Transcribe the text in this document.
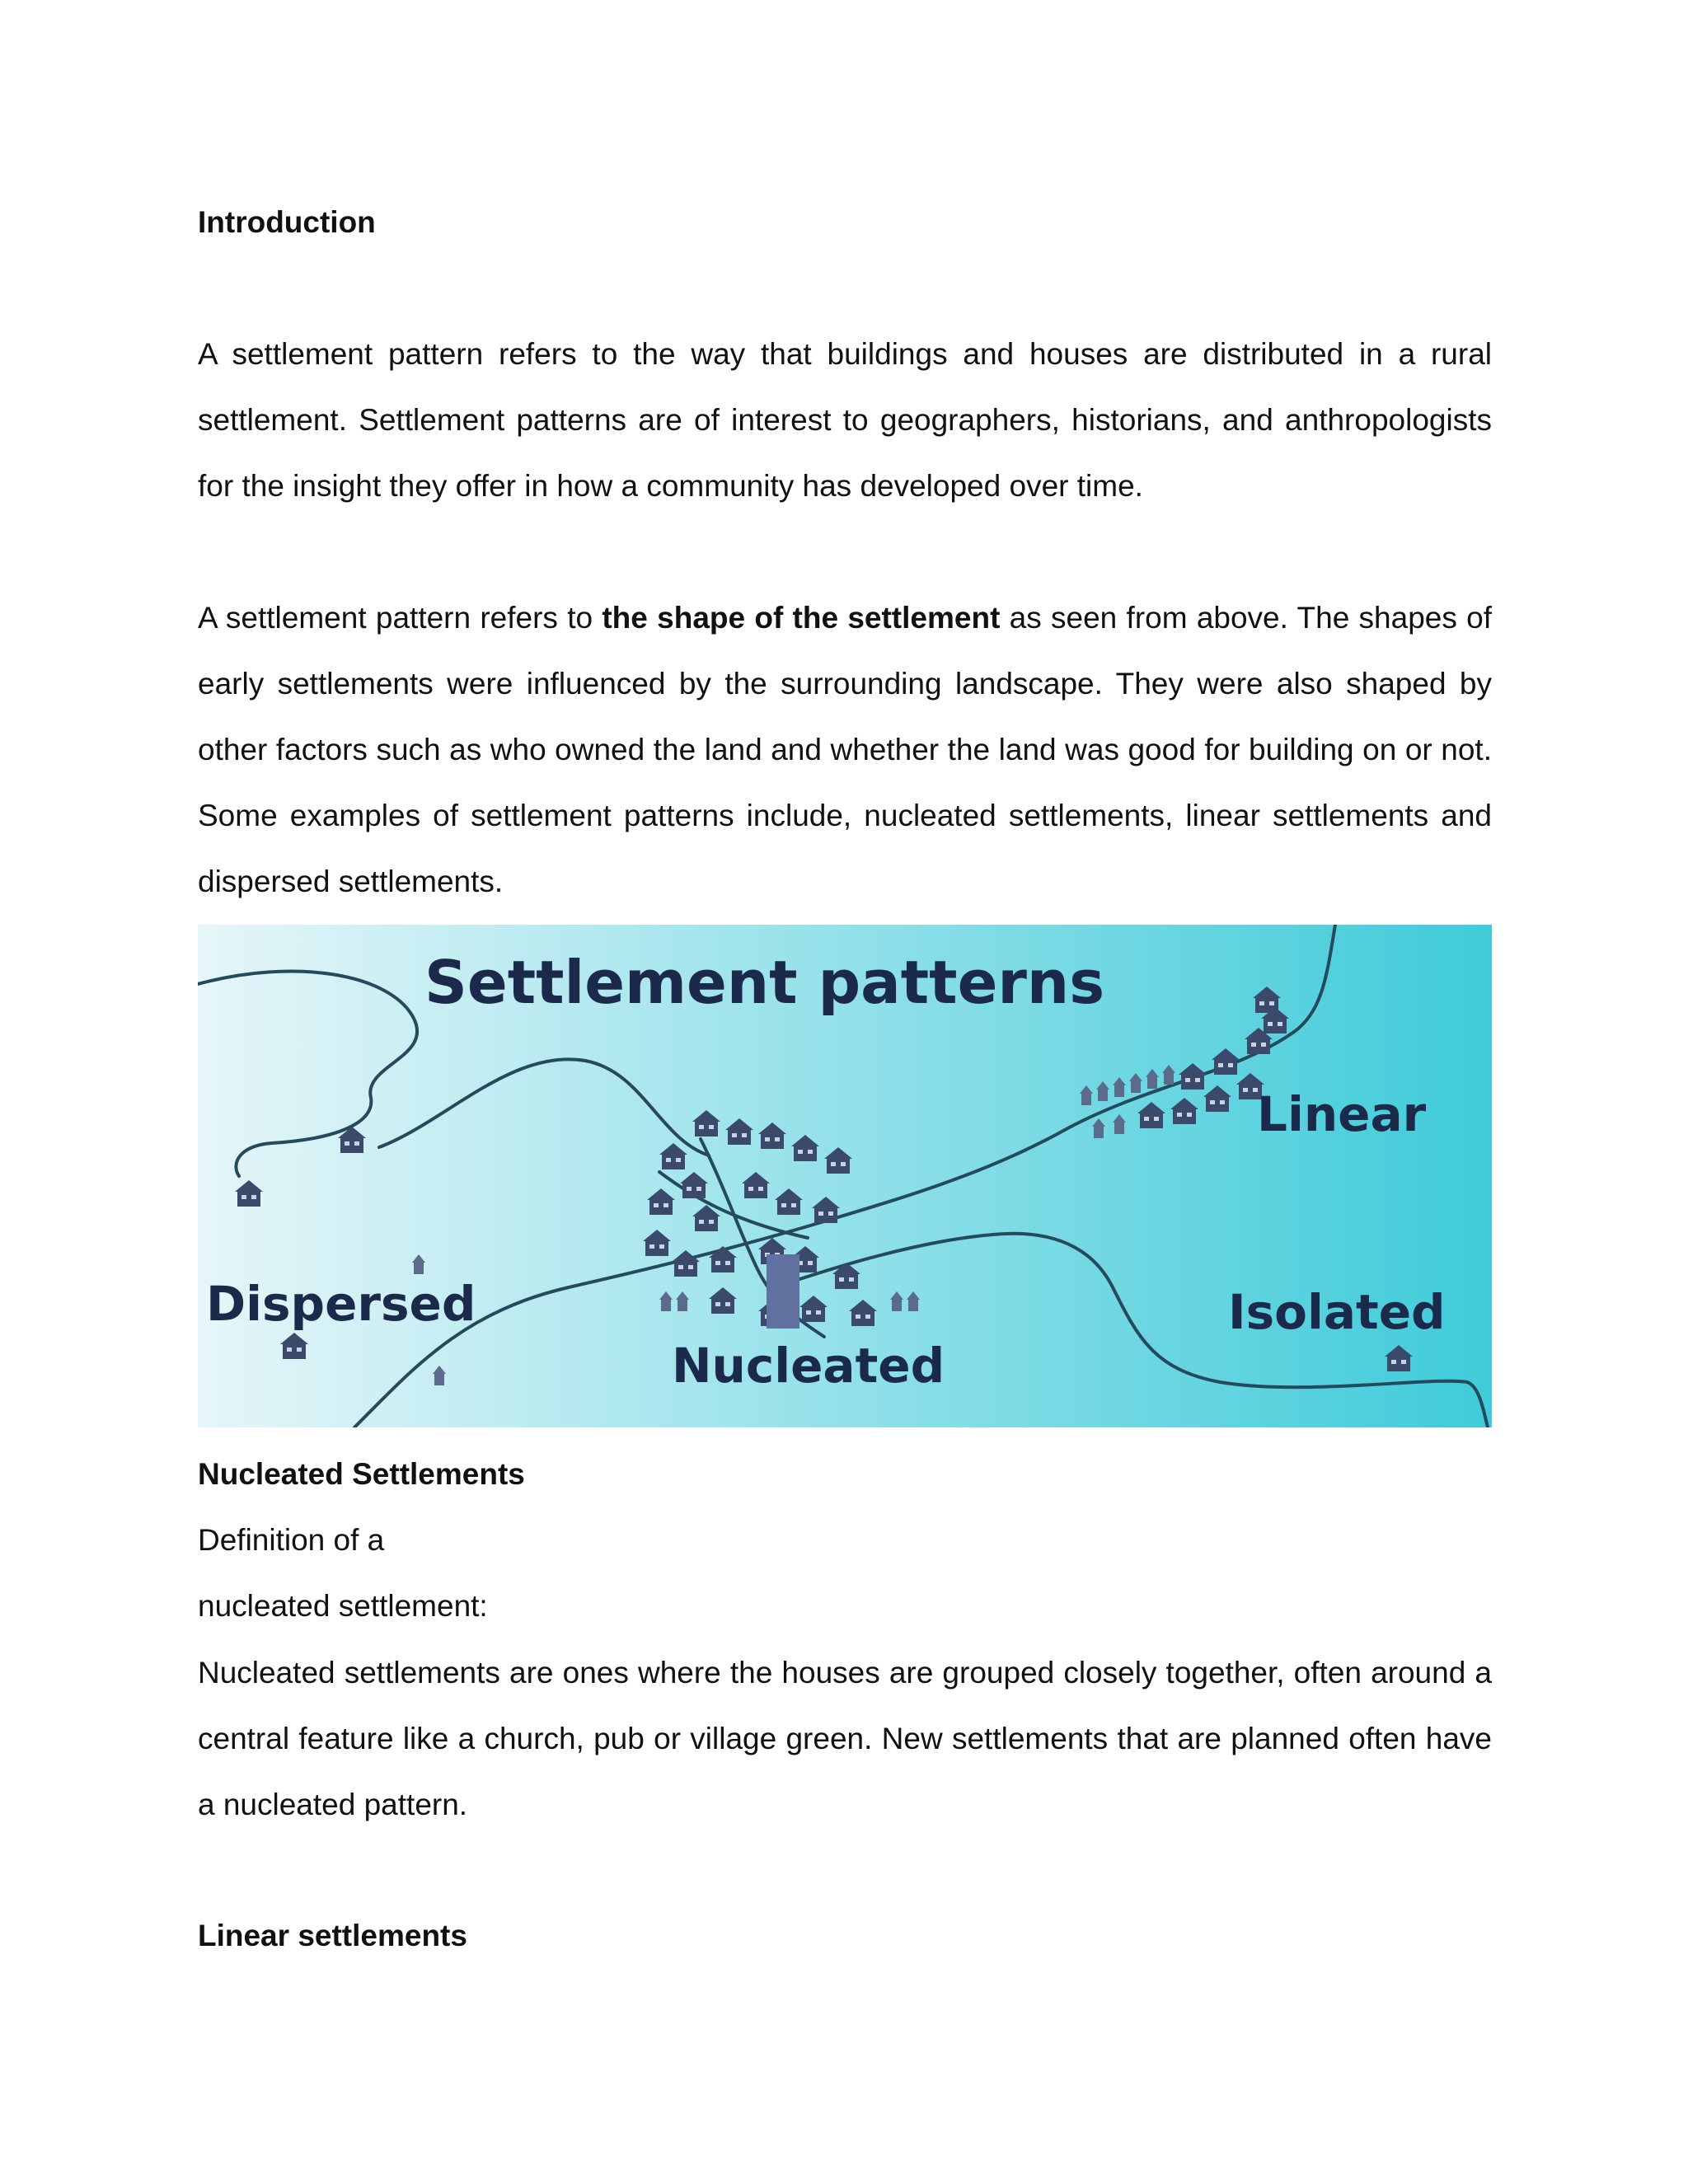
Introduction

A settlement pattern refers to the way that buildings and houses are distributed in a rural settlement. Settlement patterns are of interest to geographers, historians, and anthropologists for the insight they offer in how a community has developed over time.

A settlement pattern refers to the shape of the settlement as seen from above. The shapes of early settlements were influenced by the surrounding landscape. They were also shaped by other factors such as who owned the land and whether the land was good for building on or not. Some examples of settlement patterns include, nucleated settlements, linear settlements and dispersed settlements.

Settlement patterns
Linear
Dispersed
Nucleated
Isolated
Nucleated Settlements
Definition of a
nucleated settlement:

Nucleated settlements are ones where the houses are grouped closely together, often around a central feature like a church, pub or village green. New settlements that are planned often have a nucleated pattern.

Linear settlements
